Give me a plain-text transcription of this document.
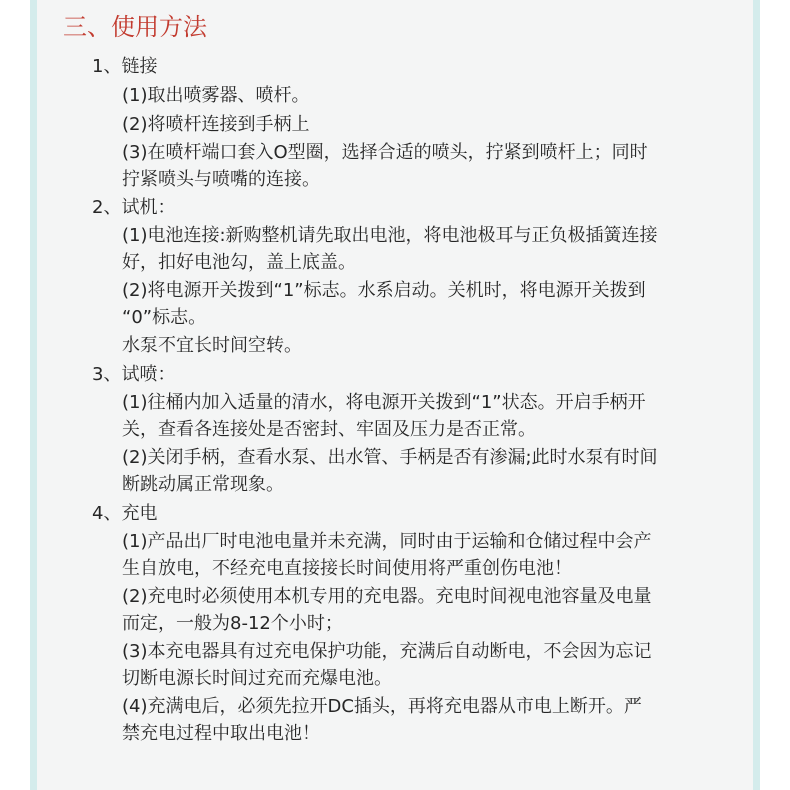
三、使用方法

1、链接

(1)取出喷雾器、喷杆。

(2)将喷杆连接到手柄上

(3)在喷杆端口套入O型圈，选择合适的喷头，拧紧到喷杆上；同时

拧紧喷头与喷嘴的连接。

2、试机：

(1)电池连接:新购整机请先取出电池，将电池极耳与正负极插簧连接

好，扣好电池勾，盖上底盖。

(2)将电源开关拨到“1”标志。水系启动。关机时，将电源开关拨到

“0”标志。

水泵不宜长时间空转。

3、试喷：

(1)往桶内加入适量的清水，将电源开关拨到“1”状态。开启手柄开

关，查看各连接处是否密封、牢固及压力是否正常。

(2)关闭手柄，查看水泵、出水管、手柄是否有渗漏;此时水泵有时间

断跳动属正常现象。

4、充电

(1)产品出厂时电池电量并未充满，同时由于运输和仓储过程中会产

生自放电，不经充电直接接长时间使用将严重创伤电池！

(2)充电时必须使用本机专用的充电器。充电时间视电池容量及电量

而定，一般为8-12个小时；

(3)本充电器具有过充电保护功能，充满后自动断电，不会因为忘记

切断电源长时间过充而充爆电池。

(4)充满电后，必须先拉开DC插头，再将充电器从市电上断开。严

禁充电过程中取出电池！
